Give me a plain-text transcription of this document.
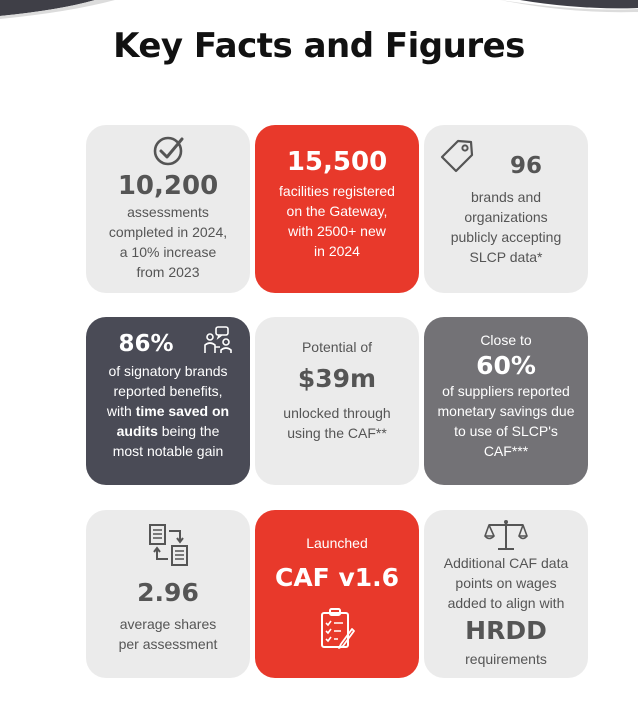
Key Facts and Figures
10,200
assessments
completed in 2024,
a 10% increase
from 2023
15,500
facilities registered
on the Gateway,
with 2500+ new
in 2024
96
brands and
organizations
publicly accepting
SLCP data*
86%
of signatory brands
reported benefits,
with time saved on
audits being the
most notable gain
Potential of
$39m
unlocked through
using the CAF**
Close to
60%
of suppliers reported
monetary savings due
to use of SLCP's
CAF***
2.96
average shares
per assessment
Launched
CAF v1.6	Additional CAF data
points on wages
added to align with
HRDD
requirements
